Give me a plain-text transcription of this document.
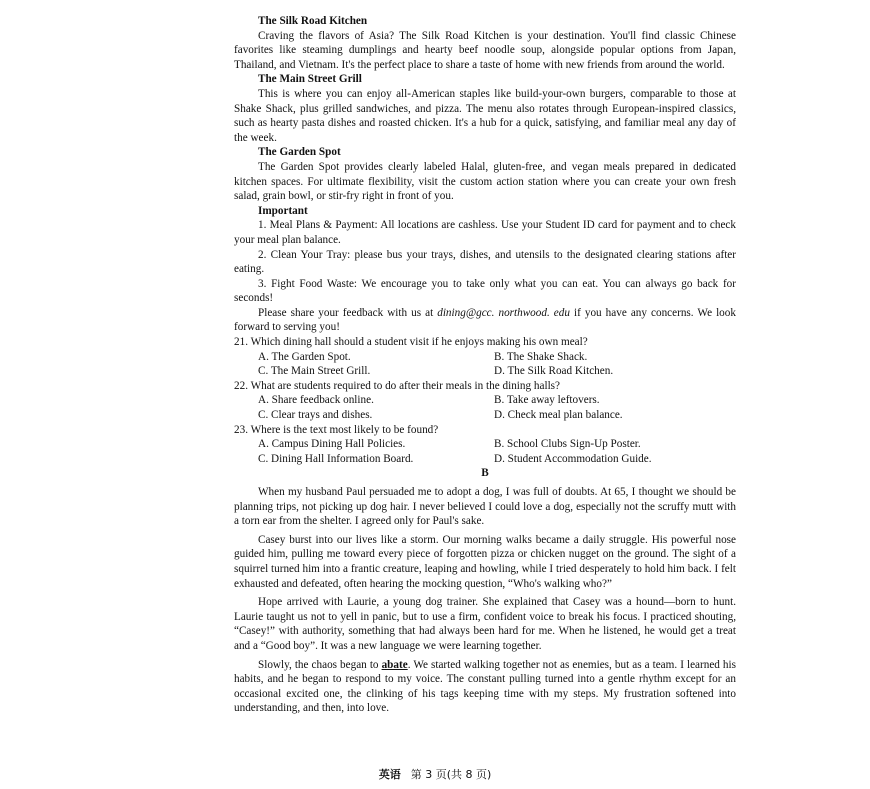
The Silk Road Kitchen

Craving the flavors of Asia? The Silk Road Kitchen is your destination. You'll find classic Chinese favorites like steaming dumplings and hearty beef noodle soup, alongside popular options from Japan, Thailand, and Vietnam. It's the perfect place to share a taste of home with new friends from around the world.

The Main Street Grill

This is where you can enjoy all-American staples like build-your-own burgers, comparable to those at Shake Shack, plus grilled sandwiches, and pizza. The menu also rotates through European-inspired classics, such as hearty pasta dishes and roasted chicken. It's a hub for a quick, satisfying, and familiar meal any day of the week.

The Garden Spot

The Garden Spot provides clearly labeled Halal, gluten-free, and vegan meals prepared in dedicated kitchen spaces. For ultimate flexibility, visit the custom action station where you can create your own fresh salad, grain bowl, or stir-fry right in front of you.

Important

1. Meal Plans & Payment: All locations are cashless. Use your Student ID card for payment and to check your meal plan balance.

2. Clean Your Tray: please bus your trays, dishes, and utensils to the designated clearing stations after eating.

3. Fight Food Waste: We encourage you to take only what you can eat. You can always go back for seconds!

Please share your feedback with us at dining@gcc. northwood. edu if you have any concerns. We look forward to serving you!

21. Which dining hall should a student visit if he enjoys making his own meal?

A. The Garden Spot.	B. The Shake Shack.
C. The Main Street Grill.	D. The Silk Road Kitchen.

22. What are students required to do after their meals in the dining halls?

A. Share feedback online.	B. Take away leftovers.
C. Clear trays and dishes.	D. Check meal plan balance.

23. Where is the text most likely to be found?

A. Campus Dining Hall Policies.	B. School Clubs Sign-Up Poster.
C. Dining Hall Information Board.	D. Student Accommodation Guide.
B

When my husband Paul persuaded me to adopt a dog, I was full of doubts. At 65, I thought we should be planning trips, not picking up dog hair. I never believed I could love a dog, especially not the scruffy mutt with a torn ear from the shelter. I agreed only for Paul's sake.

Casey burst into our lives like a storm. Our morning walks became a daily struggle. His powerful nose guided him, pulling me toward every piece of forgotten pizza or chicken nugget on the ground. The sight of a squirrel turned him into a frantic creature, leaping and howling, while I tried desperately to hold him back. I felt exhausted and defeated, often hearing the mocking question, “Who's walking who?”

Hope arrived with Laurie, a young dog trainer. She explained that Casey was a hound—born to hunt. Laurie taught us not to yell in panic, but to use a firm, confident voice to break his focus. I practiced shouting, “Casey!” with authority, something that had always been hard for me. When he listened, he would get a treat and a “Good boy”. It was a new language we were learning together.

Slowly, the chaos began to abate. We started walking together not as enemies, but as a team. I learned his habits, and he began to respond to my voice. The constant pulling turned into a gentle rhythm except for an occasional excited one, the clinking of his tags keeping time with my steps. My frustration softened into understanding, and then, into love.

英语 第 3 页(共 8 页)
